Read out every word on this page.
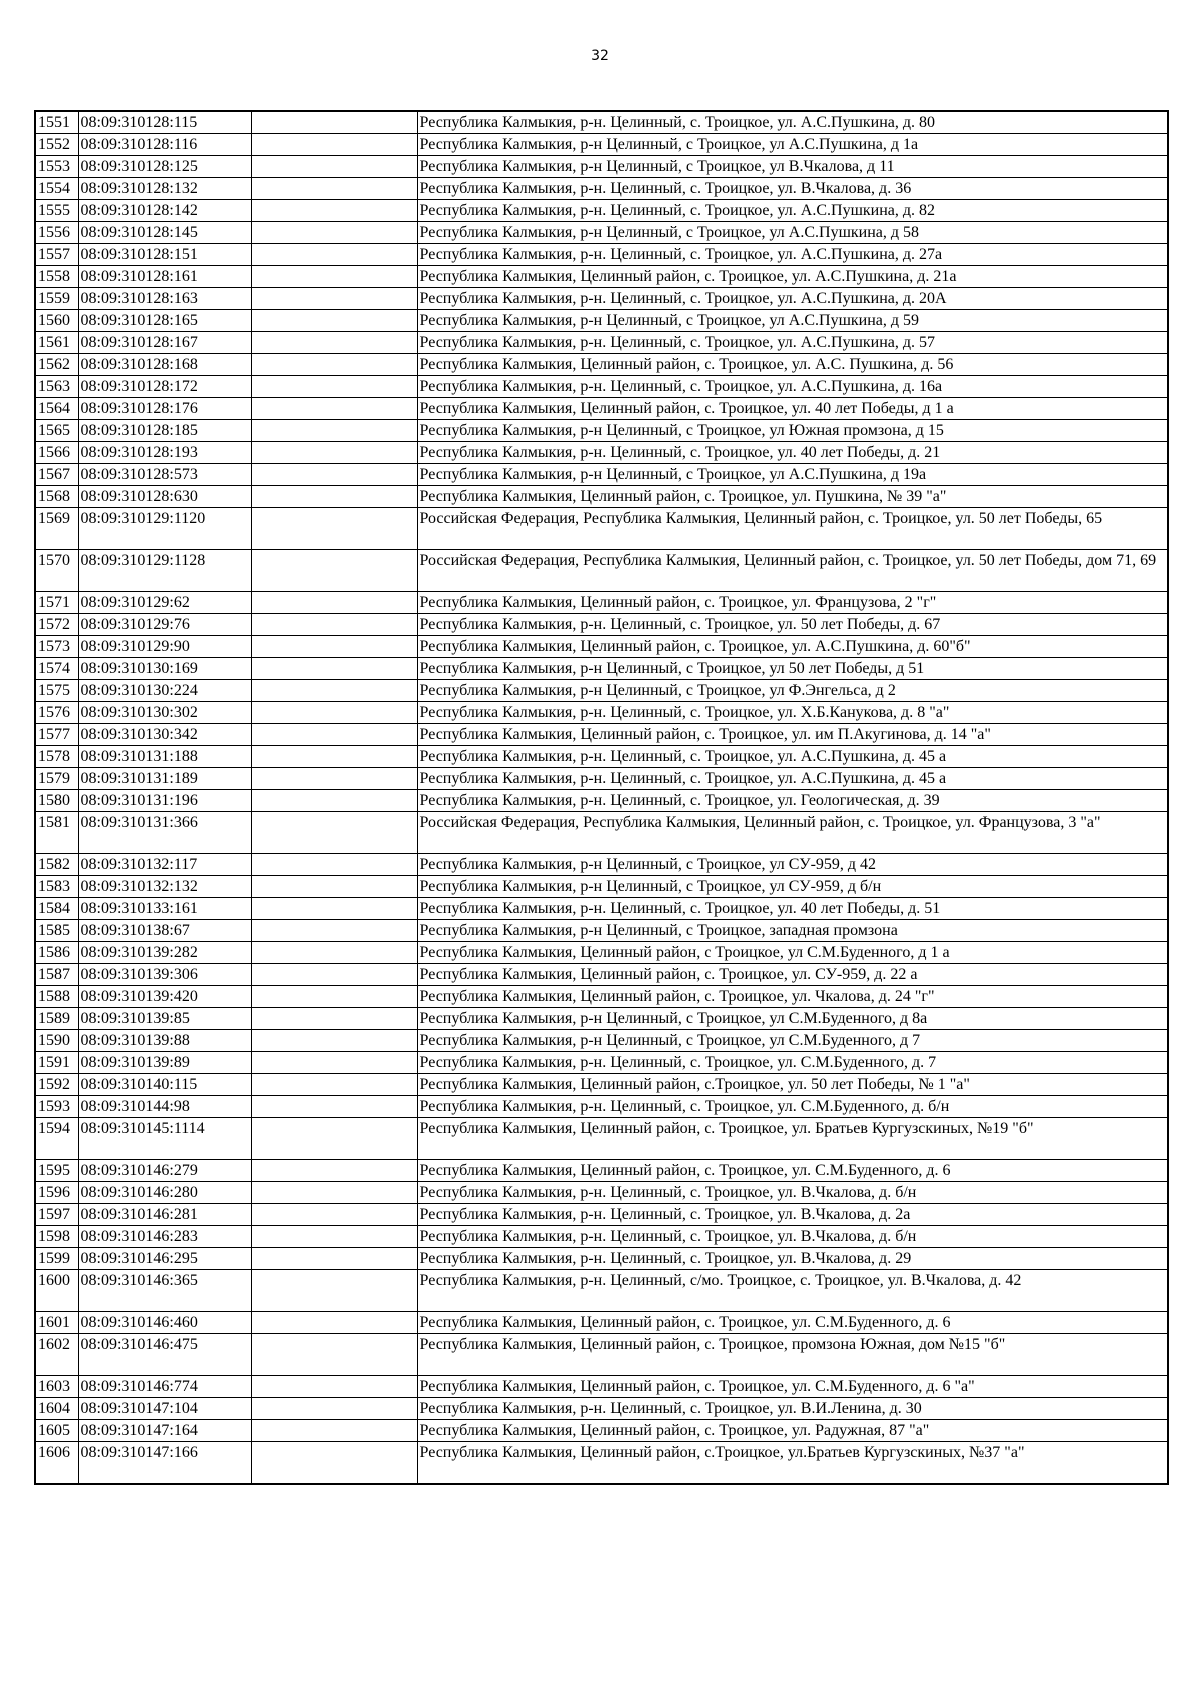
32
1551	08:09:310128:115		Республика Калмыкия, р-н. Целинный, с. Троицкое, ул. А.С.Пушкина, д. 80
1552	08:09:310128:116		Республика Калмыкия, р-н Целинный, с Троицкое, ул А.С.Пушкина, д 1а
1553	08:09:310128:125		Республика Калмыкия, р-н Целинный, с Троицкое, ул В.Чкалова, д 11
1554	08:09:310128:132		Республика Калмыкия, р-н. Целинный, с. Троицкое, ул. В.Чкалова, д. 36
1555	08:09:310128:142		Республика Калмыкия, р-н. Целинный, с. Троицкое, ул. А.С.Пушкина, д. 82
1556	08:09:310128:145		Республика Калмыкия, р-н Целинный, с Троицкое, ул А.С.Пушкина, д 58
1557	08:09:310128:151		Республика Калмыкия, р-н. Целинный, с. Троицкое, ул. А.С.Пушкина, д. 27а
1558	08:09:310128:161		Республика Калмыкия, Целинный район, с. Троицкое, ул. А.С.Пушкина, д. 21а
1559	08:09:310128:163		Республика Калмыкия, р-н. Целинный, с. Троицкое, ул. А.С.Пушкина, д. 20А
1560	08:09:310128:165		Республика Калмыкия, р-н Целинный, с Троицкое, ул А.С.Пушкина, д 59
1561	08:09:310128:167		Республика Калмыкия, р-н. Целинный, с. Троицкое, ул. А.С.Пушкина, д. 57
1562	08:09:310128:168		Республика Калмыкия, Целинный район, с. Троицкое, ул. А.С. Пушкина, д. 56
1563	08:09:310128:172		Республика Калмыкия, р-н. Целинный, с. Троицкое, ул. А.С.Пушкина, д. 16а
1564	08:09:310128:176		Республика Калмыкия, Целинный район, с. Троицкое, ул. 40 лет Победы, д 1 а
1565	08:09:310128:185		Республика Калмыкия, р-н Целинный, с Троицкое, ул Южная промзона, д 15
1566	08:09:310128:193		Республика Калмыкия, р-н. Целинный, с. Троицкое, ул. 40 лет Победы, д. 21
1567	08:09:310128:573		Республика Калмыкия, р-н Целинный, с Троицкое, ул А.С.Пушкина, д 19а
1568	08:09:310128:630		Республика Калмыкия, Целинный район, с. Троицкое, ул. Пушкина, № 39 "а"
1569	08:09:310129:1120		Российская Федерация, Республика Калмыкия, Целинный район, с. Троицкое, ул. 50 лет Победы, 65
1570	08:09:310129:1128		Российская Федерация, Республика Калмыкия, Целинный район, с. Троицкое, ул. 50 лет Победы, дом 71, 69
1571	08:09:310129:62		Республика Калмыкия, Целинный район, с. Троицкое, ул. Французова, 2 "г"
1572	08:09:310129:76		Республика Калмыкия, р-н. Целинный, с. Троицкое, ул. 50 лет Победы, д. 67
1573	08:09:310129:90		Республика Калмыкия, Целинный район, с. Троицкое, ул. А.С.Пушкина, д. 60"б"
1574	08:09:310130:169		Республика Калмыкия, р-н Целинный, с Троицкое, ул 50 лет Победы, д 51
1575	08:09:310130:224		Республика Калмыкия, р-н Целинный, с Троицкое, ул Ф.Энгельса, д 2
1576	08:09:310130:302		Республика Калмыкия, р-н. Целинный, с. Троицкое, ул. Х.Б.Канукова, д. 8 "а"
1577	08:09:310130:342		Республика Калмыкия, Целинный район, с. Троицкое, ул. им П.Акугинова, д. 14 "а"
1578	08:09:310131:188		Республика Калмыкия, р-н. Целинный, с. Троицкое, ул. А.С.Пушкина, д. 45 а
1579	08:09:310131:189		Республика Калмыкия, р-н. Целинный, с. Троицкое, ул. А.С.Пушкина, д. 45 а
1580	08:09:310131:196		Республика Калмыкия, р-н. Целинный, с. Троицкое, ул. Геологическая, д. 39
1581	08:09:310131:366		Российская Федерация, Республика Калмыкия, Целинный район, с. Троицкое, ул. Французова, 3 "а"
1582	08:09:310132:117		Республика Калмыкия, р-н Целинный, с Троицкое, ул СУ-959, д 42
1583	08:09:310132:132		Республика Калмыкия, р-н Целинный, с Троицкое, ул СУ-959, д б/н
1584	08:09:310133:161		Республика Калмыкия, р-н. Целинный, с. Троицкое, ул. 40 лет Победы, д. 51
1585	08:09:310138:67		Республика Калмыкия, р-н Целинный, с Троицкое, западная промзона
1586	08:09:310139:282		Республика Калмыкия, Целинный район, с Троицкое, ул С.М.Буденного, д 1 а
1587	08:09:310139:306		Республика Калмыкия, Целинный район, с. Троицкое, ул. СУ-959, д. 22 а
1588	08:09:310139:420		Республика Калмыкия, Целинный район, с. Троицкое, ул. Чкалова, д. 24 "г"
1589	08:09:310139:85		Республика Калмыкия, р-н Целинный, с Троицкое, ул С.М.Буденного, д 8а
1590	08:09:310139:88		Республика Калмыкия, р-н Целинный, с Троицкое, ул С.М.Буденного, д 7
1591	08:09:310139:89		Республика Калмыкия, р-н. Целинный, с. Троицкое, ул. С.М.Буденного, д. 7
1592	08:09:310140:115		Республика Калмыкия, Целинный район, с.Троицкое, ул. 50 лет Победы, № 1 "а"
1593	08:09:310144:98		Республика Калмыкия, р-н. Целинный, с. Троицкое, ул. С.М.Буденного, д. б/н
1594	08:09:310145:1114		Республика Калмыкия, Целинный район, с. Троицкое, ул. Братьев Кургузскиных, №19 "б"
1595	08:09:310146:279		Республика Калмыкия, Целинный район, с. Троицкое, ул. С.М.Буденного, д. 6
1596	08:09:310146:280		Республика Калмыкия, р-н. Целинный, с. Троицкое, ул. В.Чкалова, д. б/н
1597	08:09:310146:281		Республика Калмыкия, р-н. Целинный, с. Троицкое, ул. В.Чкалова, д. 2а
1598	08:09:310146:283		Республика Калмыкия, р-н. Целинный, с. Троицкое, ул. В.Чкалова, д. б/н
1599	08:09:310146:295		Республика Калмыкия, р-н. Целинный, с. Троицкое, ул. В.Чкалова, д. 29
1600	08:09:310146:365		Республика Калмыкия, р-н. Целинный, с/мо. Троицкое, с. Троицкое, ул. В.Чкалова, д. 42
1601	08:09:310146:460		Республика Калмыкия, Целинный район, с. Троицкое, ул. С.М.Буденного, д. 6
1602	08:09:310146:475		Республика Калмыкия, Целинный район, с. Троицкое, промзона Южная, дом №15 "б"
1603	08:09:310146:774		Республика Калмыкия, Целинный район, с. Троицкое, ул. С.М.Буденного, д. 6 "а"
1604	08:09:310147:104		Республика Калмыкия, р-н. Целинный, с. Троицкое, ул. В.И.Ленина, д. 30
1605	08:09:310147:164		Республика Калмыкия, Целинный район, с. Троицкое, ул. Радужная, 87 "а"
1606	08:09:310147:166		Республика Калмыкия, Целинный район, с.Троицкое, ул.Братьев Кургузскиных, №37 "а"
